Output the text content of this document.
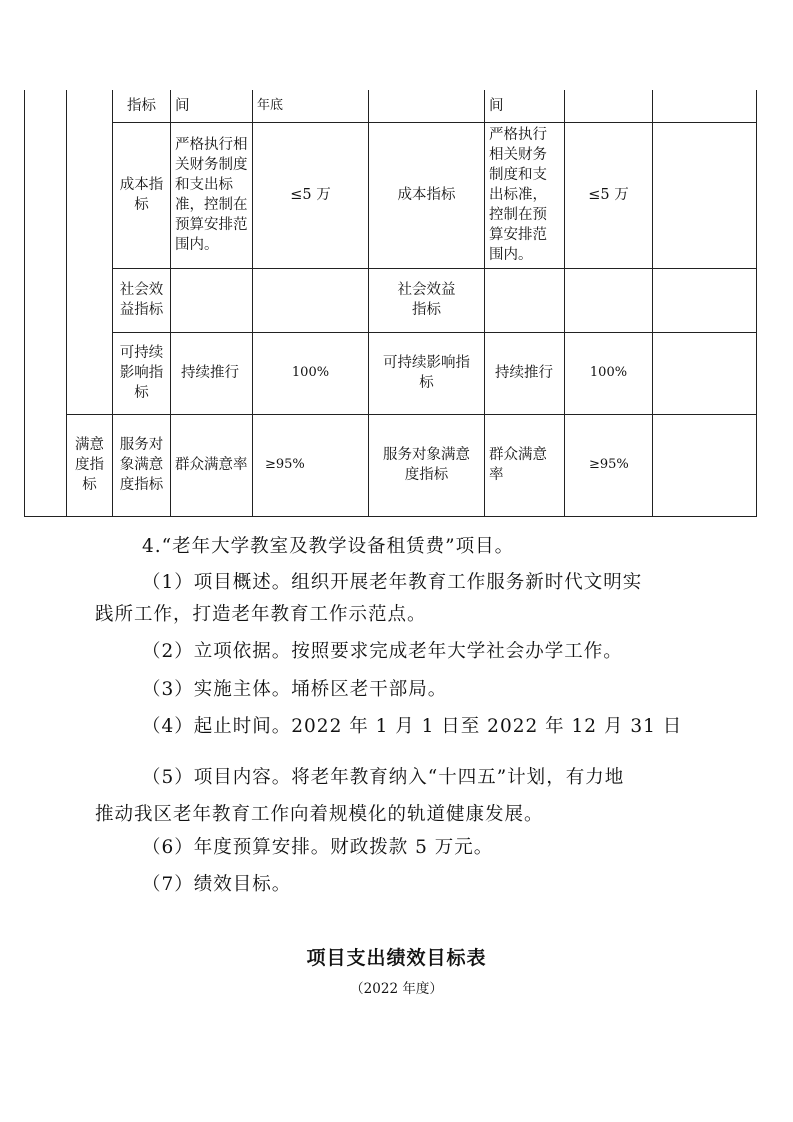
		指标	间	年底		间		
		成本指标	严格执行相关财务制度和支出标准，控制在预算安排范围内。	≤5 万	成本指标	严格执行相关财务制度和支出标准，控制在预算安排范围内。	≤5 万	
		社会效益指标			社会效益指标			
		可持续影响指标	持续推行	100%	可持续影响指标	持续推行	100%	
	满意度指标	服务对象满意度指标	群众满意率	≥95%	服务对象满意度指标	群众满意率	≥95%	
4.“老年大学教室及教学设备租赁费”项目。
（1）项目概述。组织开展老年教育工作服务新时代文明实
践所工作，打造老年教育工作示范点。
（2）立项依据。按照要求完成老年大学社会办学工作。
（3）实施主体。埇桥区老干部局。
（4）起止时间。2022 年 1 月 1 日至 2022 年 12 月 31 日
（5）项目内容。将老年教育纳入“十四五”计划，有力地
推动我区老年教育工作向着规模化的轨道健康发展。
（6）年度预算安排。财政拨款 5 万元。
（7）绩效目标。
项目支出绩效目标表
（2022 年度）
